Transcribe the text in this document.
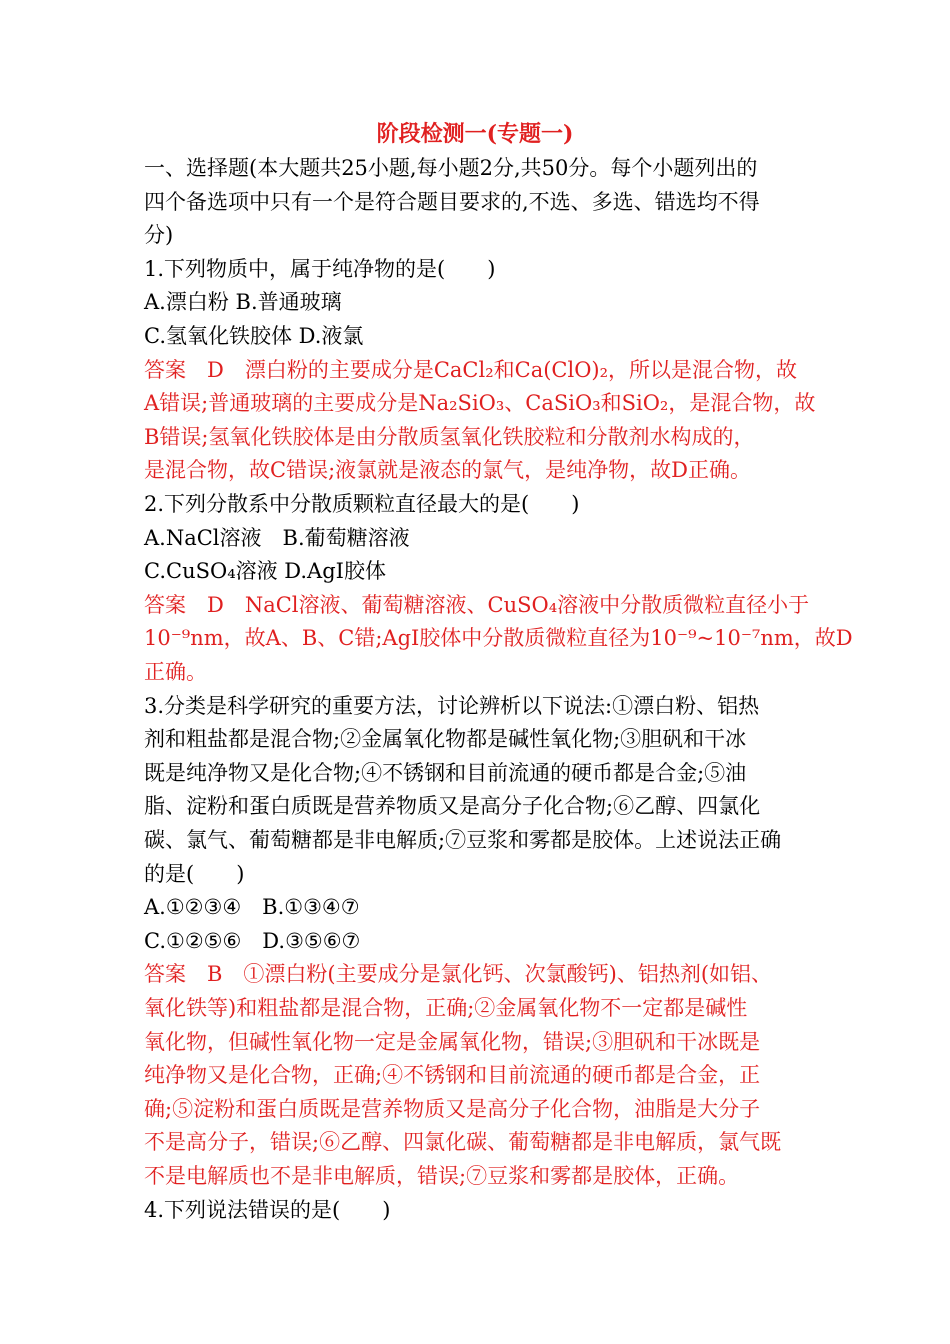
阶段检测一(专题一)
一、选择题(本大题共25小题,每小题2分,共50分。每个小题列出的
四个备选项中只有一个是符合题目要求的,不选、多选、错选均不得
分)
1.下列物质中，属于纯净物的是(　　)
A.漂白粉 B.普通玻璃
C.氢氧化铁胶体 D.液氯
答案　D　漂白粉的主要成分是CaCl₂和Ca(ClO)₂，所以是混合物，故
A错误;普通玻璃的主要成分是Na₂SiO₃、CaSiO₃和SiO₂，是混合物，故
B错误;氢氧化铁胶体是由分散质氢氧化铁胶粒和分散剂水构成的，
是混合物，故C错误;液氯就是液态的氯气，是纯净物，故D正确。
2.下列分散系中分散质颗粒直径最大的是(　　)
A.NaCl溶液　B.葡萄糖溶液
C.CuSO₄溶液 D.AgI胶体
答案　D　NaCl溶液、葡萄糖溶液、CuSO₄溶液中分散质微粒直径小于
10⁻⁹nm，故A、B、C错;AgI胶体中分散质微粒直径为10⁻⁹~10⁻⁷nm，故D
正确。
3.分类是科学研究的重要方法，讨论辨析以下说法:①漂白粉、铝热
剂和粗盐都是混合物;②金属氧化物都是碱性氧化物;③胆矾和干冰
既是纯净物又是化合物;④不锈钢和目前流通的硬币都是合金;⑤油
脂、淀粉和蛋白质既是营养物质又是高分子化合物;⑥乙醇、四氯化
碳、氯气、葡萄糖都是非电解质;⑦豆浆和雾都是胶体。上述说法正确
的是(　　)
A.①②③④　B.①③④⑦
C.①②⑤⑥　D.③⑤⑥⑦
答案　B　①漂白粉(主要成分是氯化钙、次氯酸钙)、铝热剂(如铝、
氧化铁等)和粗盐都是混合物，正确;②金属氧化物不一定都是碱性
氧化物，但碱性氧化物一定是金属氧化物，错误;③胆矾和干冰既是
纯净物又是化合物，正确;④不锈钢和目前流通的硬币都是合金，正
确;⑤淀粉和蛋白质既是营养物质又是高分子化合物，油脂是大分子
不是高分子，错误;⑥乙醇、四氯化碳、葡萄糖都是非电解质，氯气既
不是电解质也不是非电解质，错误;⑦豆浆和雾都是胶体，正确。
4.下列说法错误的是(　　)
